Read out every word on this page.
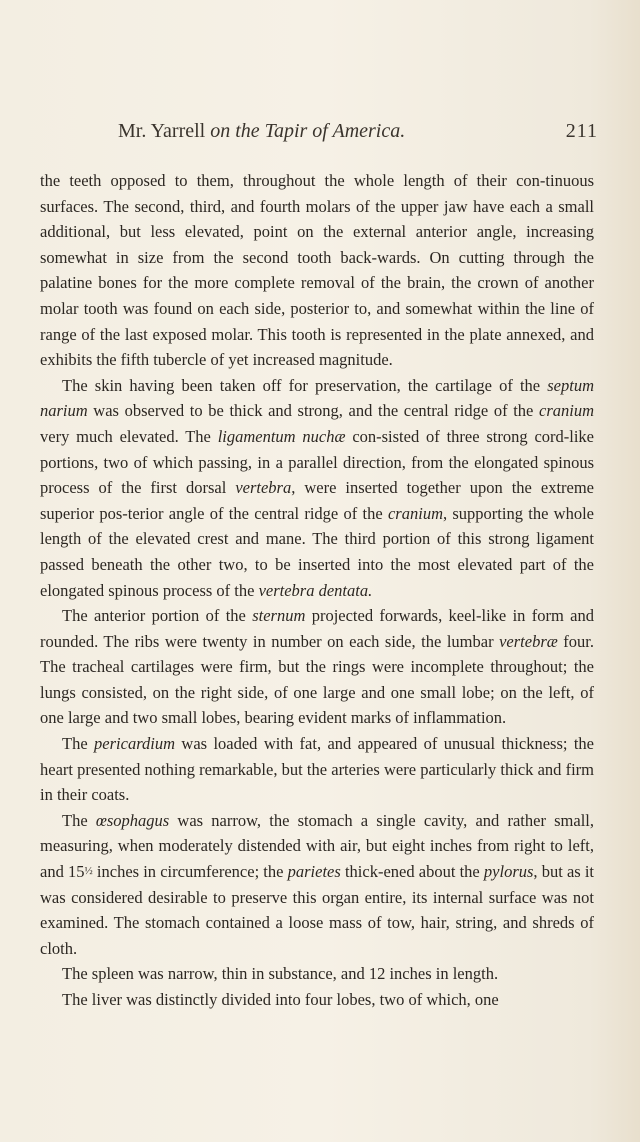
Mr. Yarrell on the Tapir of America.	211

the teeth opposed to them, throughout the whole length of their con-tinuous surfaces. The second, third, and fourth molars of the upper jaw have each a small additional, but less elevated, point on the external anterior angle, increasing somewhat in size from the second tooth back-wards. On cutting through the palatine bones for the more complete removal of the brain, the crown of another molar tooth was found on each side, posterior to, and somewhat within the line of range of the last exposed molar. This tooth is represented in the plate annexed, and exhibits the fifth tubercle of yet increased magnitude.

The skin having been taken off for preservation, the cartilage of the septum narium was observed to be thick and strong, and the central ridge of the cranium very much elevated. The ligamentum nuchæ con-sisted of three strong cord-like portions, two of which passing, in a parallel direction, from the elongated spinous process of the first dorsal vertebra, were inserted together upon the extreme superior pos-terior angle of the central ridge of the cranium, supporting the whole length of the elevated crest and mane. The third portion of this strong ligament passed beneath the other two, to be inserted into the most elevated part of the elongated spinous process of the vertebra dentata.

The anterior portion of the sternum projected forwards, keel-like in form and rounded. The ribs were twenty in number on each side, the lumbar vertebræ four. The tracheal cartilages were firm, but the rings were incomplete throughout; the lungs consisted, on the right side, of one large and one small lobe; on the left, of one large and two small lobes, bearing evident marks of inflammation.

The pericardium was loaded with fat, and appeared of unusual thickness; the heart presented nothing remarkable, but the arteries were particularly thick and firm in their coats.

The œsophagus was narrow, the stomach a single cavity, and rather small, measuring, when moderately distended with air, but eight inches from right to left, and 15½ inches in circumference; the parietes thick-ened about the pylorus, but as it was considered desirable to preserve this organ entire, its internal surface was not examined. The stomach contained a loose mass of tow, hair, string, and shreds of cloth.

The spleen was narrow, thin in substance, and 12 inches in length.

The liver was distinctly divided into four lobes, two of which, one
